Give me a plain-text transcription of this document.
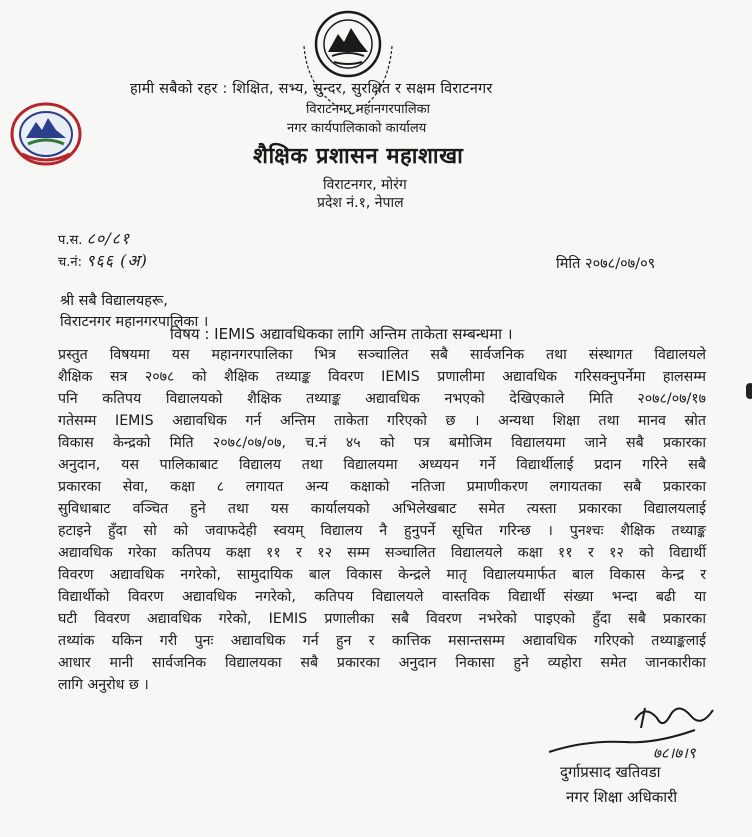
हामी सबैको रहर : शिक्षित, सभ्य, सुन्दर, सुरक्षित र सक्षम विराटनगर
विराटनगर महानगरपालिका
नगर कार्यपालिकाको कार्यालय
शैक्षिक प्रशासन महाशाखा
विराटनगर, मोरंग
प्रदेश नं.१, नेपाल
प.स. ८०/८१
च.नं: ९६६ (अ)	मिति २०७८/०७/०९
श्री सबै विद्यालयहरू,
विराटनगर महानगरपालिका ।
विषय : IEMIS अद्यावधिकका लागि अन्तिम ताकेता सम्बन्धमा ।
प्रस्तुत विषयमा यस महानगरपालिका भित्र सञ्चालित सबै सार्वजनिक तथा संस्थागत विद्यालयले
शैक्षिक सत्र २०७८ को शैक्षिक तथ्याङ्क विवरण IEMIS प्रणालीमा अद्यावधिक गरिसक्नुपर्नेमा हालसम्म
पनि कतिपय विद्यालयको शैक्षिक तथ्याङ्क अद्यावधिक नभएको देखिएकाले मिति २०७८/०७/१७
गतेसम्म IEMIS अद्यावधिक गर्न अन्तिम ताकेता गरिएको छ । अन्यथा शिक्षा तथा मानव स्रोत
विकास केन्द्रको मिति २०७८/०७/०७, च.नं ४५ को पत्र बमोजिम विद्यालयमा जाने सबै प्रकारका
अनुदान, यस पालिकाबाट विद्यालय तथा विद्यालयमा अध्ययन गर्ने विद्यार्थीलाई प्रदान गरिने सबै
प्रकारका सेवा, कक्षा ८ लगायत अन्य कक्षाको नतिजा प्रमाणीकरण लगायतका सबै प्रकारका
सुविधाबाट वञ्चित हुने तथा यस कार्यालयको अभिलेखबाट समेत त्यस्ता प्रकारका विद्यालयलाई
हटाइने हुँदा सो को जवाफदेही स्वयम् विद्यालय नै हुनुपर्ने सूचित गरिन्छ । पुनश्चः शैक्षिक तथ्याङ्क
अद्यावधिक गरेका कतिपय कक्षा ११ र १२ सम्म सञ्चालित विद्यालयले कक्षा ११ र १२ को विद्यार्थी
विवरण अद्यावधिक नगरेको, सामुदायिक बाल विकास केन्द्रले मातृ विद्यालयमार्फत बाल विकास केन्द्र र
विद्यार्थीको विवरण अद्यावधिक नगरेको, कतिपय विद्यालयले वास्तविक विद्यार्थी संख्या भन्दा बढी या
घटी विवरण अद्यावधिक गरेको, IEMIS प्रणालीका सबै विवरण नभरेको पाइएको हुँदा सबै प्रकारका
तथ्यांक यकिन गरी पुनः अद्यावधिक गर्न हुन र कात्तिक मसान्तसम्म अद्यावधिक गरिएको तथ्याङ्कलाई
आधार मानी सार्वजनिक विद्यालयका सबै प्रकारका अनुदान निकासा हुने व्यहोरा समेत जानकारीका
लागि अनुरोध छ ।
७८।७।९
दुर्गाप्रसाद खतिवडा
नगर शिक्षा अधिकारी
